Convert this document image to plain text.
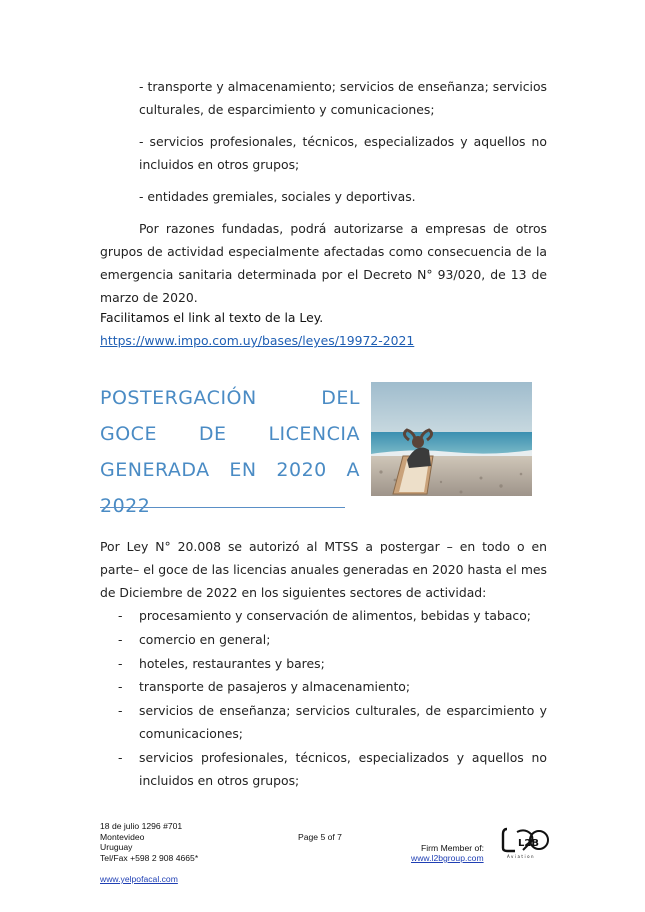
- transporte y almacenamiento; servicios de enseñanza; servicios culturales, de esparcimiento y comunicaciones;

- servicios profesionales, técnicos, especializados y aquellos no incluidos en otros grupos;

- entidades gremiales, sociales y deportivas.

Por razones fundadas, podrá autorizarse a empresas de otros grupos de actividad especialmente afectadas como consecuencia de la emergencia sanitaria determinada por el Decreto N° 93/020, de 13 de marzo de 2020.

Facilitamos el link al texto de la Ley.

https://www.impo.com.uy/bases/leyes/19972-2021

POSTERGACIÓN DEL GOCE DE LICENCIA GENERADA EN 2020 A 2022

Por Ley N° 20.008 se autorizó al MTSS a postergar – en todo o en parte– el goce de las licencias anuales generadas en 2020 hasta el mes de Diciembre de 2022 en los siguientes sectores de actividad:

- procesamiento y conservación de alimentos, bebidas y tabaco;
- comercio en general;
- hoteles, restaurantes y bares;
- transporte de pasajeros y almacenamiento;
- servicios de enseñanza; servicios culturales, de esparcimiento y comunicaciones;
- servicios profesionales, técnicos, especializados y aquellos no incluidos en otros grupos;
18 de julio 1296 #701
Montevideo
Uruguay
Tel/Fax +598 2 908 4665*
Page 5 of 7
Firm Member of:
www.l2bgroup.com
L2B
Aviation
www.yelpofacal.com
